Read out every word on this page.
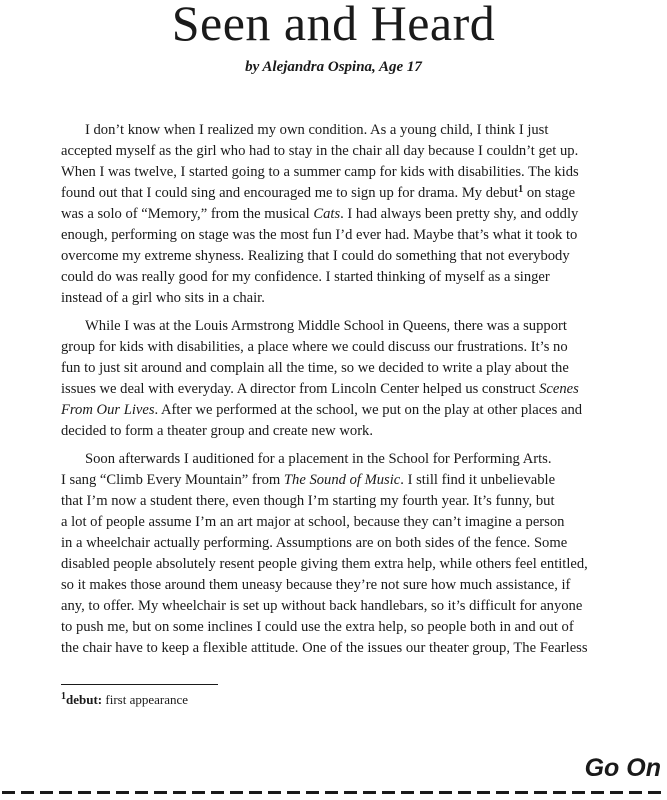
Seen and Heard

by Alejandra Ospina, Age 17

I don’t know when I realized my own condition. As a young child, I think I just
accepted myself as the girl who had to stay in the chair all day because I couldn’t get up.
When I was twelve, I started going to a summer camp for kids with disabilities. The kids
found out that I could sing and encouraged me to sign up for drama. My debut$^1$ on stage
was a solo of “Memory,” from the musical Cats. I had always been pretty shy, and oddly
enough, performing on stage was the most fun I’d ever had. Maybe that’s what it took to
overcome my extreme shyness. Realizing that I could do something that not everybody
could do was really good for my confidence. I started thinking of myself as a singer
instead of a girl who sits in a chair.
While I was at the Louis Armstrong Middle School in Queens, there was a support
group for kids with disabilities, a place where we could discuss our frustrations. It’s no
fun to just sit around and complain all the time, so we decided to write a play about the
issues we deal with everyday. A director from Lincoln Center helped us construct Scenes
From Our Lives. After we performed at the school, we put on the play at other places and
decided to form a theater group and create new work.
Soon afterwards I auditioned for a placement in the School for Performing Arts.
I sang “Climb Every Mountain” from The Sound of Music. I still find it unbelievable
that I’m now a student there, even though I’m starting my fourth year. It’s funny, but
a lot of people assume I’m an art major at school, because they can’t imagine a person
in a wheelchair actually performing. Assumptions are on both sides of the fence. Some
disabled people absolutely resent people giving them extra help, while others feel entitled,
so it makes those around them uneasy because they’re not sure how much assistance, if
any, to offer. My wheelchair is set up without back handlebars, so it’s difficult for anyone
to push me, but on some inclines I could use the extra help, so people both in and out of
the chair have to keep a flexible attitude. One of the issues our theater group, The Fearless
$^1$debut: first appearance
Go On
